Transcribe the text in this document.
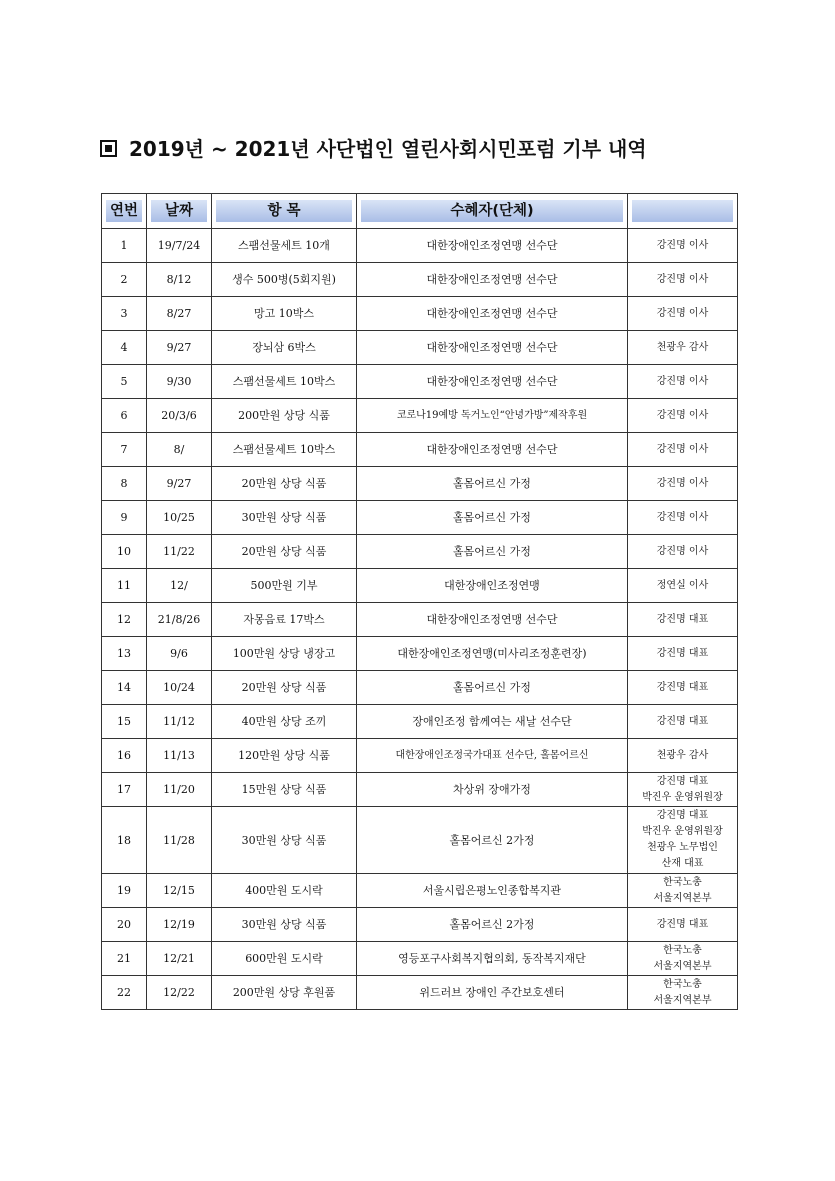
2019년 ~ 2021년 사단법인 열린사회시민포럼 기부 내역
연번	날짜	항 목	수혜자(단체)	

1	19/7/24	스팸선물세트 10개	대한장애인조정연맹 선수단	강진명 이사

2	8/12	생수 500병(5회지원)	대한장애인조정연맹 선수단	강진명 이사

3	8/27	망고 10박스	대한장애인조정연맹 선수단	강진명 이사

4	9/27	장뇌삼 6박스	대한장애인조정연맹 선수단	천광우 감사

5	9/30	스팸선물세트 10박스	대한장애인조정연맹 선수단	강진명 이사

6	20/3/6	200만원 상당 식품	코로나19예방 독거노인“안녕가방”제작후원	강진명 이사

7	8/	스팸선물세트 10박스	대한장애인조정연맹 선수단	강진명 이사

8	9/27	20만원 상당 식품	홀몸어르신 가정	강진명 이사

9	10/25	30만원 상당 식품	홀몸어르신 가정	강진명 이사

10	11/22	20만원 상당 식품	홀몸어르신 가정	강진명 이사

11	12/	500만원 기부	대한장애인조정연맹	정연실 이사

12	21/8/26	자몽음료 17박스	대한장애인조정연맹 선수단	강진명 대표

13	9/6	100만원 상당 냉장고	대한장애인조정연맹(미사리조정훈련장)	강진명 대표

14	10/24	20만원 상당 식품	홀몸어르신 가정	강진명 대표

15	11/12	40만원 상당 조끼	장애인조정 함께여는 새날 선수단	강진명 대표

16	11/13	120만원 상당 식품	대한장애인조정국가대표 선수단, 홀몸어르신	천광우 감사

17	11/20	15만원 상당 식품	차상위 장애가정	강진명 대표
박진우 운영위원장

18	11/28	30만원 상당 식품	홀몸어르신 2가정	강진명 대표
박진우 운영위원장
천광우 노무법인
산재 대표

19	12/15	400만원 도시락	서울시립은평노인종합복지관	한국노총
서울지역본부

20	12/19	30만원 상당 식품	홀몸어르신 2가정	강진명 대표

21	12/21	600만원 도시락	영등포구사회복지협의회, 동작복지재단	한국노총
서울지역본부

22	12/22	200만원 상당 후원품	위드러브 장애인 주간보호센터	한국노총
서울지역본부
